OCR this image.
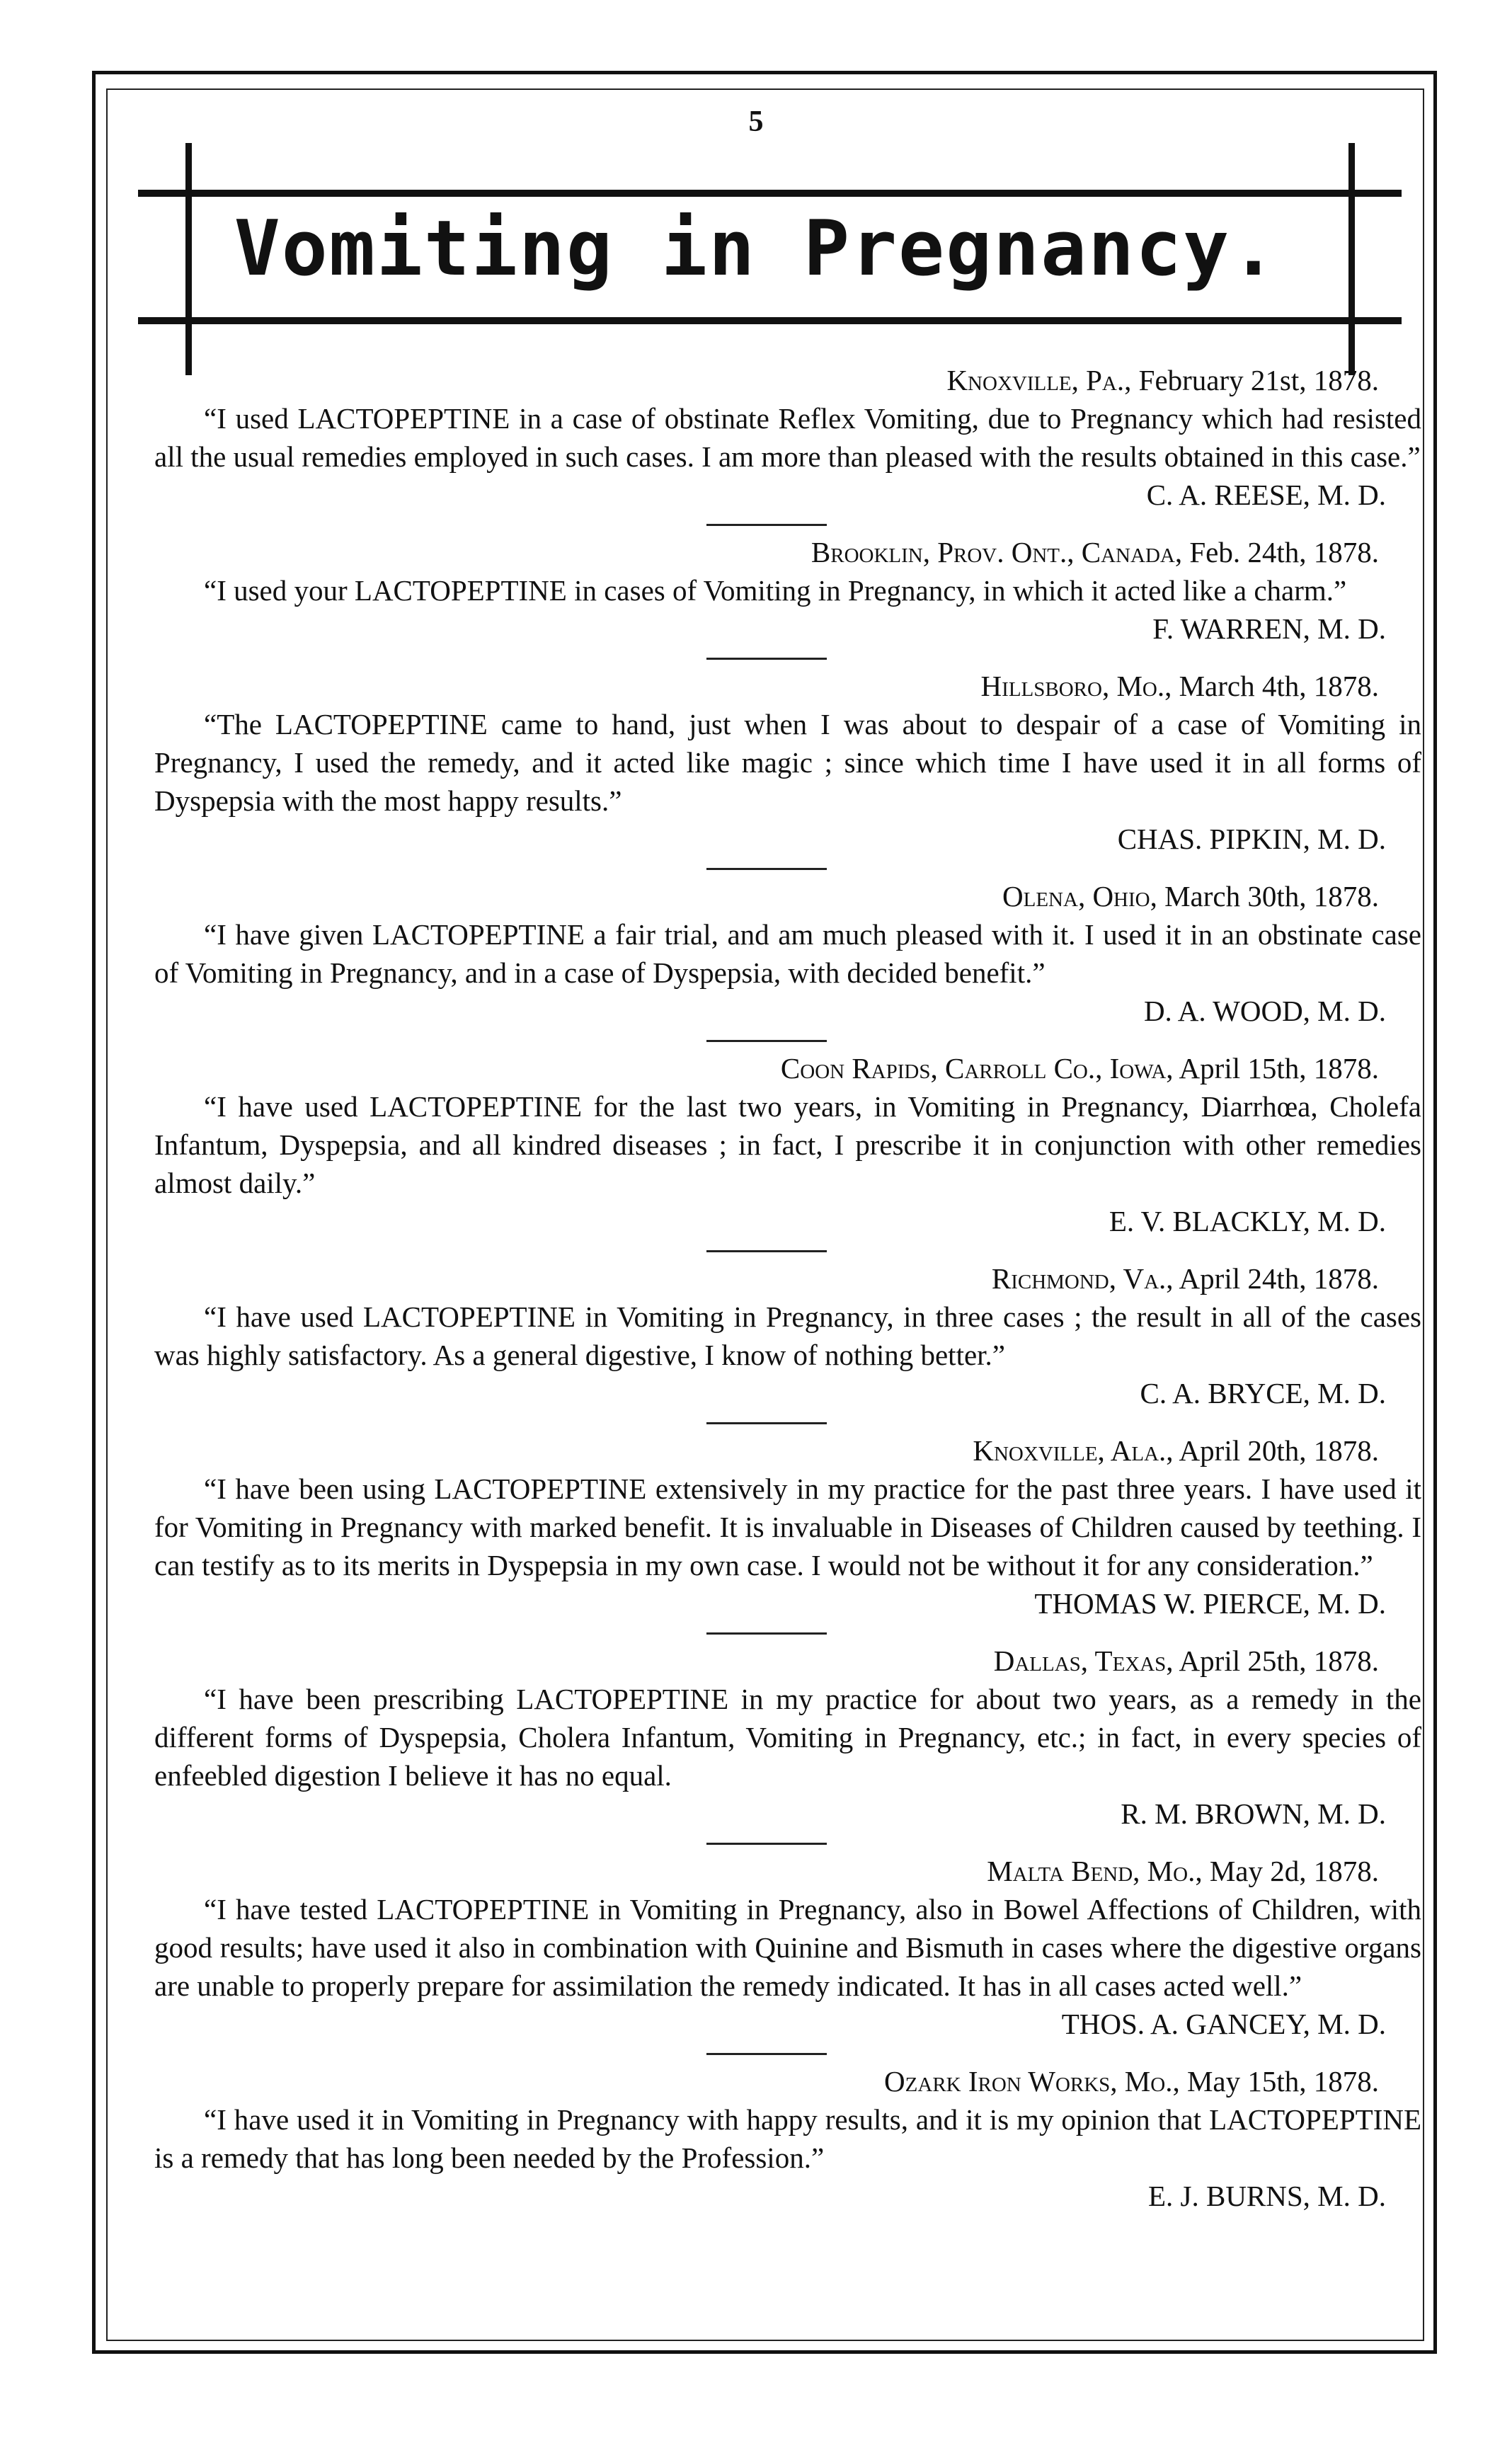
5
Vomiting in Pregnancy.
Knoxville, Pa., February 21st, 1878.
“I used LACTOPEPTINE in a case of obstinate Reflex Vomiting, due to Pregnancy which had resisted all the usual remedies employed in such cases. I am more than pleased with the results obtained in this case.”
C. A. REESE, M. D.
Brooklin, Prov. Ont., Canada, Feb. 24th, 1878.
“I used your LACTOPEPTINE in cases of Vomiting in Pregnancy, in which it acted like a charm.”
F. WARREN, M. D.
Hillsboro, Mo., March 4th, 1878.
“The LACTOPEPTINE came to hand, just when I was about to despair of a case of Vomiting in Pregnancy, I used the remedy, and it acted like magic ; since which time I have used it in all forms of Dyspepsia with the most happy results.”
CHAS. PIPKIN, M. D.
Olena, Ohio, March 30th, 1878.
“I have given LACTOPEPTINE a fair trial, and am much pleased with it. I used it in an obstinate case of Vomiting in Pregnancy, and in a case of Dyspepsia, with decided benefit.”
D. A. WOOD, M. D.
Coon Rapids, Carroll Co., Iowa, April 15th, 1878.
“I have used LACTOPEPTINE for the last two years, in Vomiting in Pregnancy, Diarrhœa, Cholefa Infantum, Dyspepsia, and all kindred diseases ; in fact, I prescribe it in conjunction with other remedies almost daily.”
E. V. BLACKLY, M. D.
Richmond, Va., April 24th, 1878.
“I have used LACTOPEPTINE in Vomiting in Pregnancy, in three cases ; the result in all of the cases was highly satisfactory. As a general digestive, I know of nothing better.”
C. A. BRYCE, M. D.
Knoxville, Ala., April 20th, 1878.
“I have been using LACTOPEPTINE extensively in my practice for the past three years. I have used it for Vomiting in Pregnancy with marked benefit. It is invaluable in Diseases of Children caused by teething. I can testify as to its merits in Dyspepsia in my own case. I would not be without it for any consideration.”
THOMAS W. PIERCE, M. D.
Dallas, Texas, April 25th, 1878.
“I have been prescribing LACTOPEPTINE in my practice for about two years, as a remedy in the different forms of Dyspepsia, Cholera Infantum, Vomiting in Pregnancy, etc.; in fact, in every species of enfeebled digestion I believe it has no equal.
R. M. BROWN, M. D.
Malta Bend, Mo., May 2d, 1878.
“I have tested LACTOPEPTINE in Vomiting in Pregnancy, also in Bowel Affections of Children, with good results; have used it also in combination with Quinine and Bismuth in cases where the digestive organs are unable to properly prepare for assimilation the remedy indicated. It has in all cases acted well.”
THOS. A. GANCEY, M. D.
Ozark Iron Works, Mo., May 15th, 1878.
“I have used it in Vomiting in Pregnancy with happy results, and it is my opinion that LACTOPEPTINE is a remedy that has long been needed by the Profession.”
E. J. BURNS, M. D.
